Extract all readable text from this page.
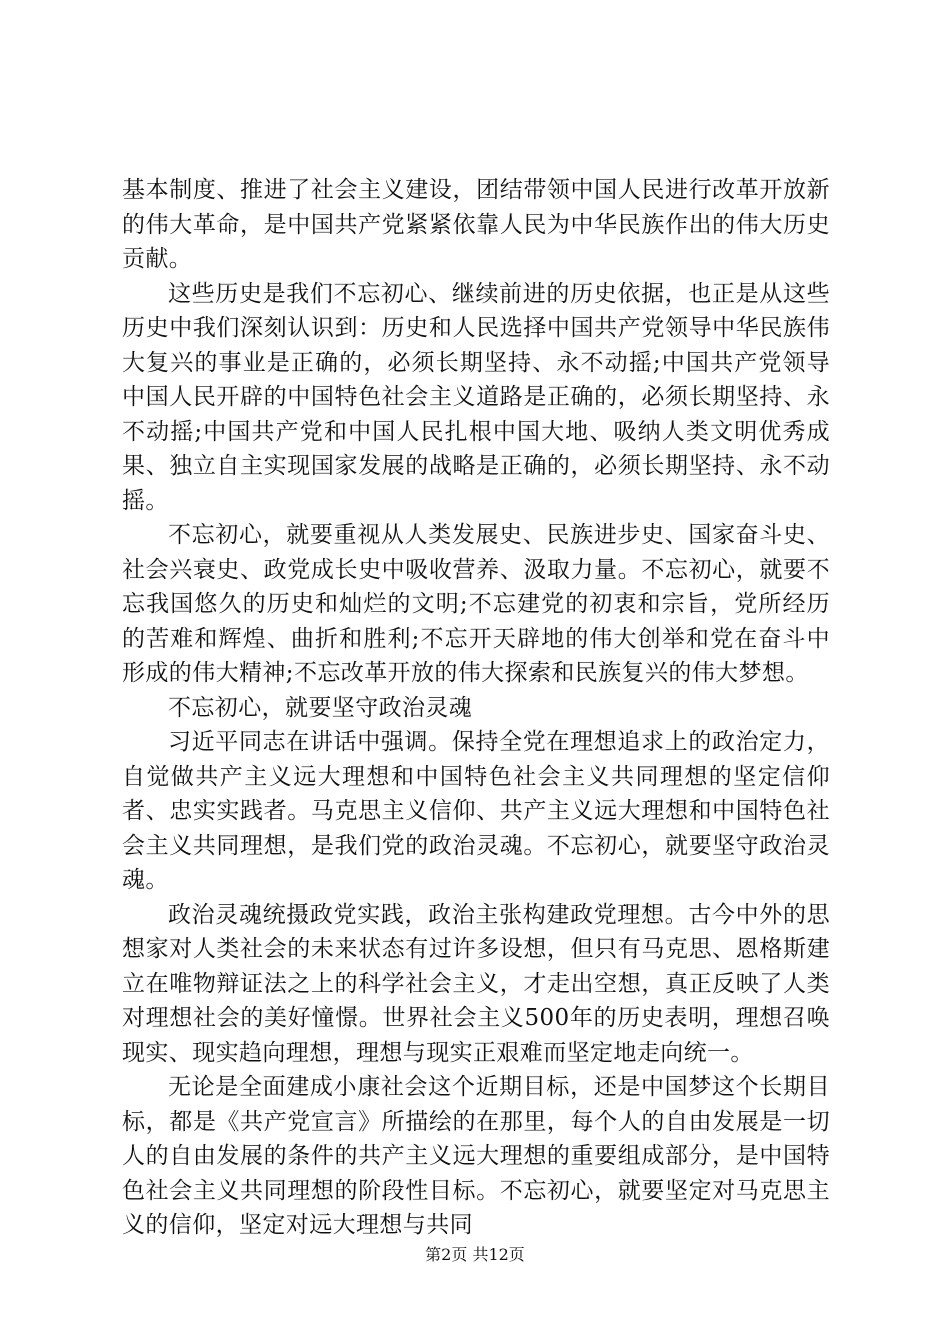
基本制度、推进了社会主义建设，团结带领中国人民进行改革开放新的伟大革命，是中国共产党紧紧依靠人民为中华民族作出的伟大历史贡献。

这些历史是我们不忘初心、继续前进的历史依据，也正是从这些历史中我们深刻认识到：历史和人民选择中国共产党领导中华民族伟大复兴的事业是正确的，必须长期坚持、永不动摇;中国共产党领导中国人民开辟的中国特色社会主义道路是正确的，必须长期坚持、永不动摇;中国共产党和中国人民扎根中国大地、吸纳人类文明优秀成果、独立自主实现国家发展的战略是正确的，必须长期坚持、永不动摇。

不忘初心，就要重视从人类发展史、民族进步史、国家奋斗史、社会兴衰史、政党成长史中吸收营养、汲取力量。不忘初心，就要不忘我国悠久的历史和灿烂的文明;不忘建党的初衷和宗旨，党所经历的苦难和辉煌、曲折和胜利;不忘开天辟地的伟大创举和党在奋斗中形成的伟大精神;不忘改革开放的伟大探索和民族复兴的伟大梦想。

不忘初心，就要坚守政治灵魂

习近平同志在讲话中强调。保持全党在理想追求上的政治定力，自觉做共产主义远大理想和中国特色社会主义共同理想的坚定信仰者、忠实实践者。马克思主义信仰、共产主义远大理想和中国特色社会主义共同理想，是我们党的政治灵魂。不忘初心，就要坚守政治灵魂。

政治灵魂统摄政党实践，政治主张构建政党理想。古今中外的思想家对人类社会的未来状态有过许多设想，但只有马克思、恩格斯建立在唯物辩证法之上的科学社会主义，才走出空想，真正反映了人类对理想社会的美好憧憬。世界社会主义500年的历史表明，理想召唤现实、现实趋向理想，理想与现实正艰难而坚定地走向统一。

无论是全面建成小康社会这个近期目标，还是中国梦这个长期目标，都是《共产党宣言》所描绘的在那里，每个人的自由发展是一切人的自由发展的条件的共产主义远大理想的重要组成部分，是中国特色社会主义共同理想的阶段性目标。不忘初心，就要坚定对马克思主义的信仰，坚定对远大理想与共同

第2页 共12页
